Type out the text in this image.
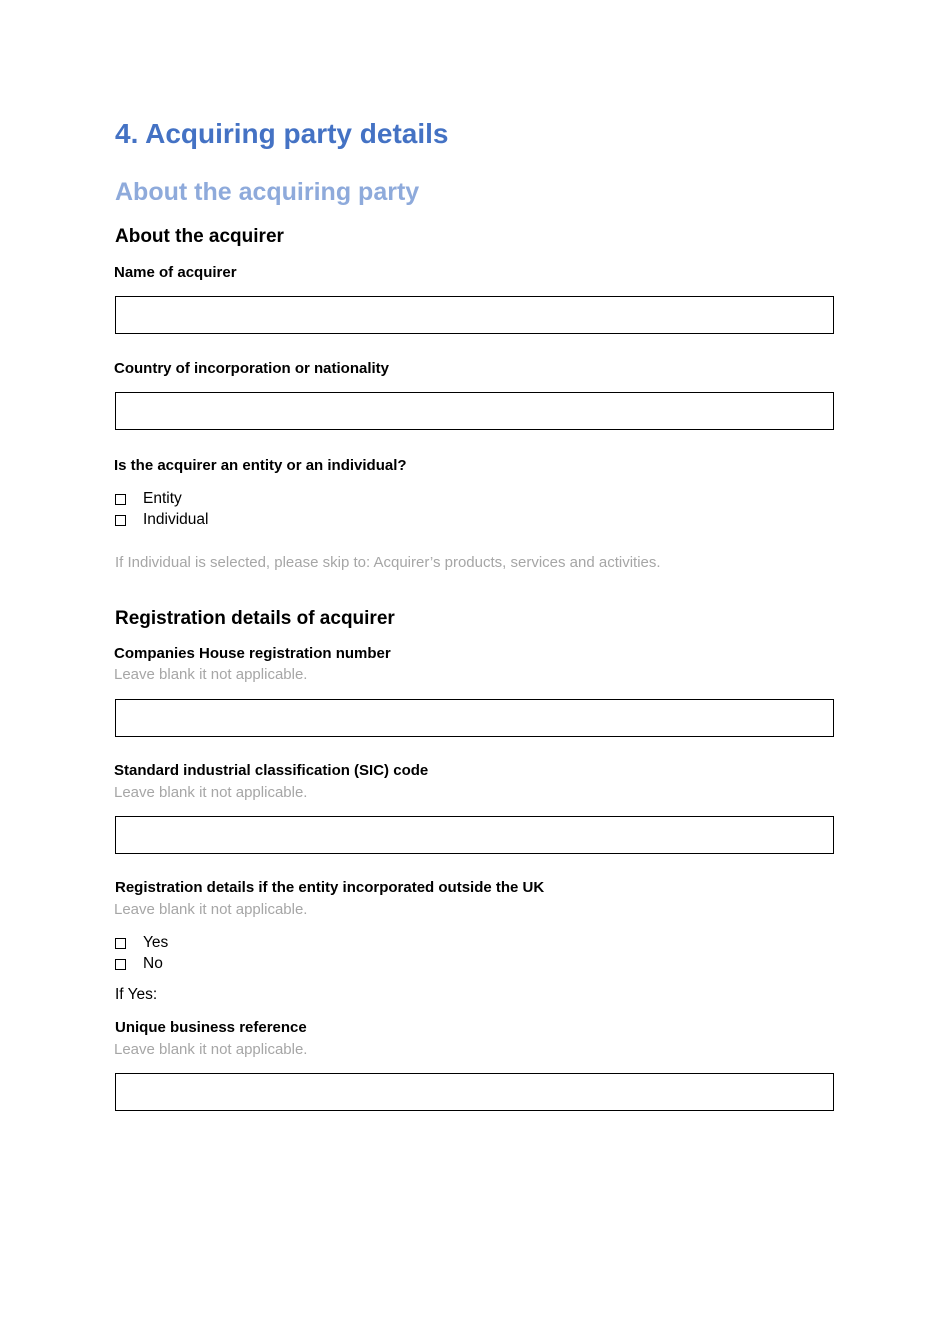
4. Acquiring party details
About the acquiring party
About the acquirer
Name of acquirer
Country of incorporation or nationality
Is the acquirer an entity or an individual?
Entity
Individual
If Individual is selected, please skip to: Acquirer’s products, services and activities.
Registration details of acquirer
Companies House registration number
Leave blank it not applicable.
Standard industrial classification (SIC) code
Leave blank it not applicable.
Registration details if the entity incorporated outside the UK
Leave blank it not applicable.
Yes
No
If Yes:
Unique business reference
Leave blank it not applicable.
